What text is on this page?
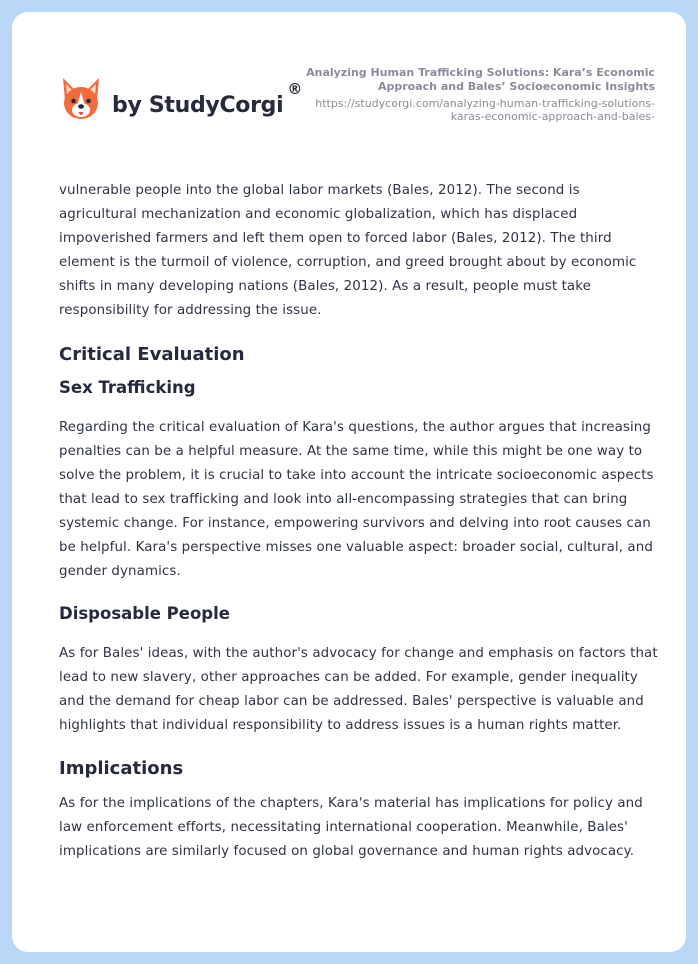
by StudyCorgi
®
Analyzing Human Trafficking Solutions: Kara’s Economic Approach and Bales’ Socioeconomic Insights
https://studycorgi.com/analyzing-human-trafficking-solutions-karas-economic-approach-and-bales-

vulnerable people into the global labor markets (Bales, 2012). The second is agricultural mechanization and economic globalization, which has displaced impoverished farmers and left them open to forced labor (Bales, 2012). The third element is the turmoil of violence, corruption, and greed brought about by economic shifts in many developing nations (Bales, 2012). As a result, people must take responsibility for addressing the issue.

Critical Evaluation
Sex Trafficking

Regarding the critical evaluation of Kara's questions, the author argues that increasing penalties can be a helpful measure. At the same time, while this might be one way to solve the problem, it is crucial to take into account the intricate socioeconomic aspects that lead to sex trafficking and look into all-encompassing strategies that can bring systemic change. For instance, empowering survivors and delving into root causes can be helpful. Kara's perspective misses one valuable aspect: broader social, cultural, and gender dynamics.

Disposable People

As for Bales' ideas, with the author's advocacy for change and emphasis on factors that lead to new slavery, other approaches can be added. For example, gender inequality and the demand for cheap labor can be addressed. Bales' perspective is valuable and highlights that individual responsibility to address issues is a human rights matter.

Implications

As for the implications of the chapters, Kara's material has implications for policy and law enforcement efforts, necessitating international cooperation. Meanwhile, Bales' implications are similarly focused on global governance and human rights advocacy.
